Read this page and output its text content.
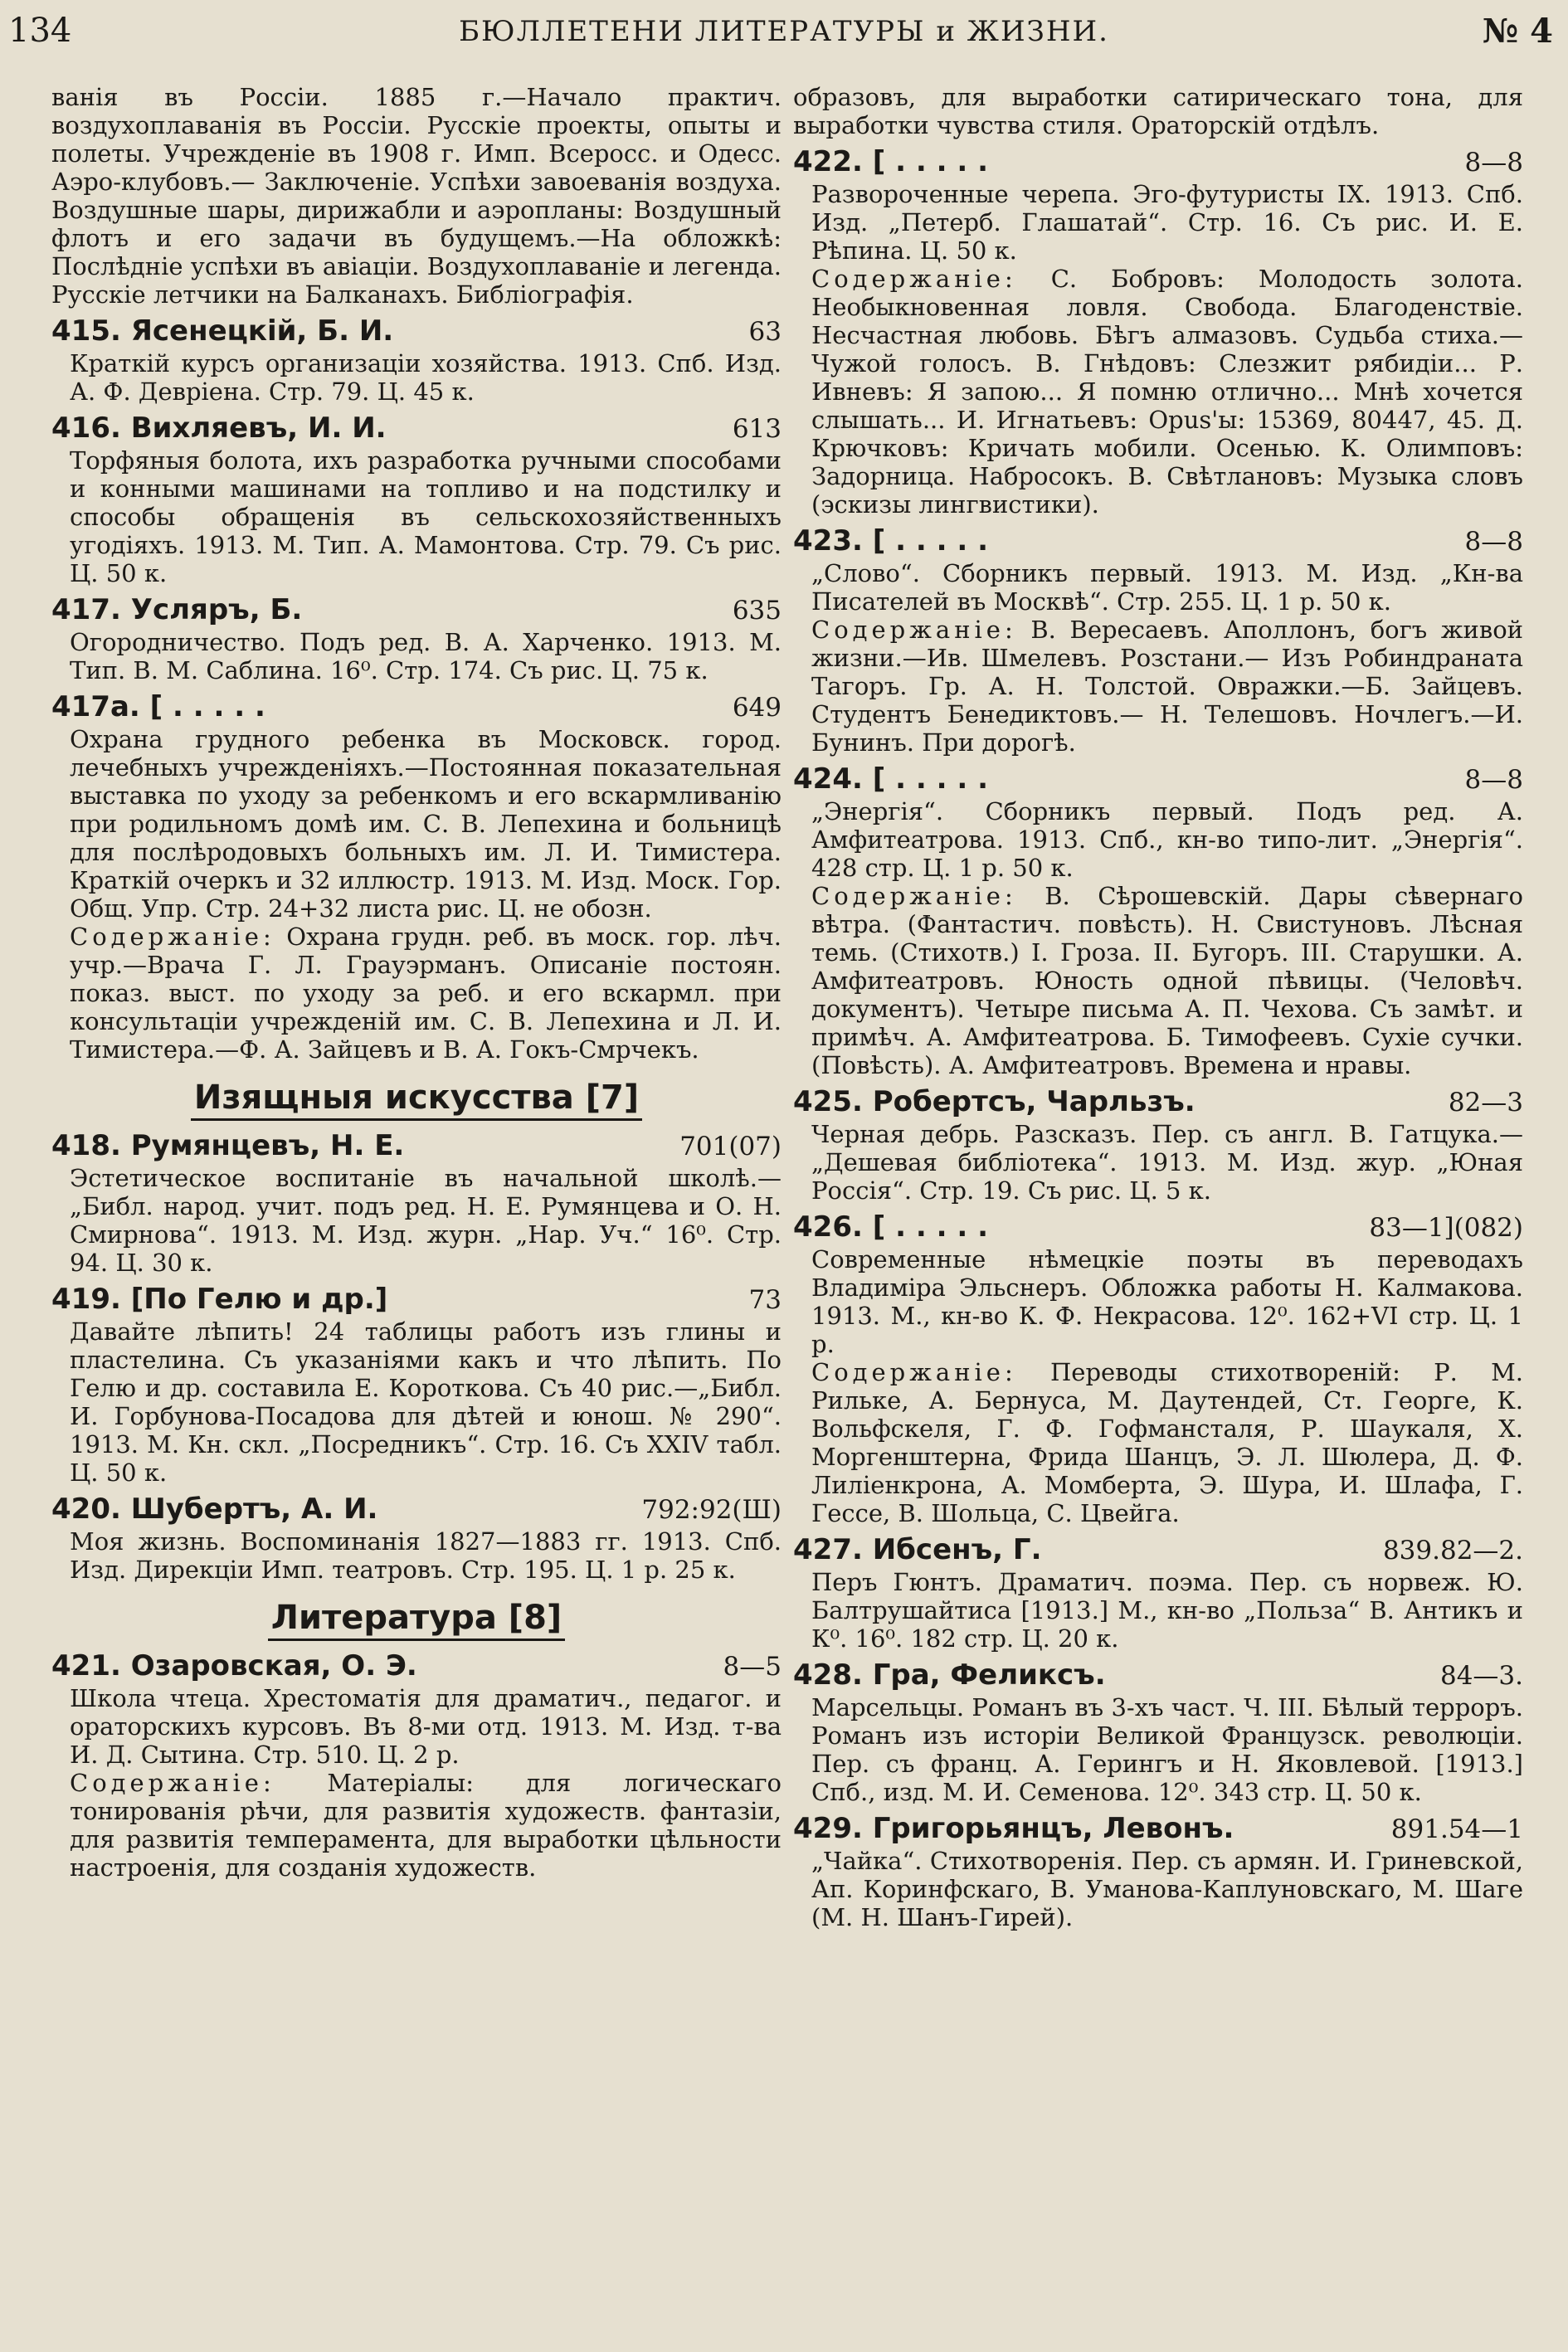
134	БЮЛЛЕТЕНИ ЛИТЕРАТУРЫ и ЖИЗНИ.	№ 4

ванія въ Россіи. 1885 г.—Начало практич. воздухоплаванія въ Россіи. Русскіе проекты, опыты и полеты. Учрежденіе въ 1908 г. Имп. Всеросс. и Одесс. Аэро-клубовъ.— Заключеніе. Успѣхи завоеванія воздуха. Воздушные шары, дирижабли и аэропланы: Воздушный флотъ и его задачи въ будущемъ.—На обложкѣ: Послѣдніе успѣхи въ авіаціи. Воздухоплаваніе и легенда. Русскіе летчики на Балканахъ. Библіографія.

415. Ясенецкій, Б. И.	63

Краткій курсъ организаціи хозяйства. 1913. Спб. Изд. А. Ф. Девріена. Стр. 79. Ц. 45 к.

416. Вихляевъ, И. И.	613

Торфяныя болота, ихъ разработка ручными способами и конными машинами на топливо и на подстилку и способы обращенія въ сельскохозяйственныхъ угодіяхъ. 1913. М. Тип. А. Мамонтова. Стр. 79. Съ рис. Ц. 50 к.

417. Усляръ, Б.	635

Огородничество. Подъ ред. В. А. Харченко. 1913. М. Тип. В. М. Саблина. 16⁰. Стр. 174. Съ рис. Ц. 75 к.

417а. [ . . . . .	649

Охрана грудного ребенка въ Московск. город. лечебныхъ учрежденіяхъ.—Постоянная показательная выставка по уходу за ребенкомъ и его вскармливанію при родильномъ домѣ им. С. В. Лепехина и больницѣ для послѣродовыхъ больныхъ им. Л. И. Тимистера. Краткій очеркъ и 32 иллюстр. 1913. М. Изд. Моск. Гор. Общ. Упр. Стр. 24+32 листа рис. Ц. не обозн.

Содержаніе: Охрана грудн. реб. въ моск. гор. лѣч. учр.—Врача Г. Л. Грауэрманъ. Описаніе постоян. показ. выст. по уходу за реб. и его вскармл. при консультаціи учрежденій им. С. В. Лепехина и Л. И. Тимистера.—Ф. А. Зайцевъ и В. А. Гокъ-Смрчекъ.

Изящныя искусства [7]
418. Румянцевъ, Н. Е.	701(07)

Эстетическое воспитаніе въ начальной школѣ.— „Библ. народ. учит. подъ ред. Н. Е. Румянцева и О. Н. Смирнова“. 1913. М. Изд. журн. „Нар. Уч.“ 16⁰. Стр. 94. Ц. 30 к.

419. [По Гелю и др.]	73

Давайте лѣпить! 24 таблицы работъ изъ глины и пластелина. Съ указаніями какъ и что лѣпить. По Гелю и др. составила Е. Короткова. Съ 40 рис.—„Библ. И. Горбунова-Посадова для дѣтей и юнош. № 290“. 1913. М. Кн. скл. „Посредникъ“. Стр. 16. Съ XXIV табл. Ц. 50 к.

420. Шубертъ, А. И.	792:92(Ш)

Моя жизнь. Воспоминанія 1827—1883 гг. 1913. Спб. Изд. Дирекціи Имп. театровъ. Стр. 195. Ц. 1 р. 25 к.

Литература [8]
421. Озаровская, О. Э.	8—5

Школа чтеца. Хрестоматія для драматич., педагог. и ораторскихъ курсовъ. Въ 8-ми отд. 1913. М. Изд. т-ва И. Д. Сытина. Стр. 510. Ц. 2 р.

Содержаніе: Матеріалы: для логическаго тонированія рѣчи, для развитія художеств. фантазіи, для развитія темперамента, для выработки цѣльности настроенія, для созданія художеств.

образовъ, для выработки сатирическаго тона, для выработки чувства стиля. Ораторскій отдѣлъ.

422. [ . . . . .	8—8

Развороченные черепа. Эго-футуристы IX. 1913. Спб. Изд. „Петерб. Глашатай“. Стр. 16. Съ рис. И. Е. Рѣпина. Ц. 50 к.

Содержаніе: С. Бобровъ: Молодость золота. Необыкновенная ловля. Свобода. Благоденствіе. Несчастная любовь. Бѣгъ алмазовъ. Судьба стиха.—Чужой голосъ. В. Гнѣдовъ: Слезжит рябидіи... Р. Ивневъ: Я запою... Я помню отлично... Мнѣ хочется слышать... И. Игнатьевъ: Opus'ы: 15369, 80447, 45. Д. Крючковъ: Кричать мобили. Осенью. К. Олимповъ: Задорница. Набросокъ. В. Свѣтлановъ: Музыка словъ (эскизы лингвистики).

423. [ . . . . .	8—8

„Слово“. Сборникъ первый. 1913. М. Изд. „Кн-ва Писателей въ Москвѣ“. Стр. 255. Ц. 1 р. 50 к.

Содержаніе: В. Вересаевъ. Аполлонъ, богъ живой жизни.—Ив. Шмелевъ. Розстани.— Изъ Робиндраната Тагоръ. Гр. А. Н. Толстой. Овражки.—Б. Зайцевъ. Студентъ Бенедиктовъ.— Н. Телешовъ. Ночлегъ.—И. Бунинъ. При дорогѣ.

424. [ . . . . .	8—8

„Энергія“. Сборникъ первый. Подъ ред. А. Амфитеатрова. 1913. Спб., кн-во типо-лит. „Энергія“. 428 стр. Ц. 1 р. 50 к.

Содержаніе: В. Сѣрошевскій. Дары сѣвернаго вѣтра. (Фантастич. повѣсть). Н. Свистуновъ. Лѣсная темь. (Стихотв.) I. Гроза. II. Бугоръ. III. Старушки. А. Амфитеатровъ. Юность одной пѣвицы. (Человѣч. документъ). Четыре письма А. П. Чехова. Съ замѣт. и примѣч. А. Амфитеатрова. Б. Тимофеевъ. Сухіе сучки. (Повѣсть). А. Амфитеатровъ. Времена и нравы.

425. Робертсъ, Чарльзъ.	82—3

Черная дебрь. Разсказъ. Пер. съ англ. В. Гатцука.—„Дешевая библіотека“. 1913. М. Изд. жур. „Юная Россія“. Стр. 19. Съ рис. Ц. 5 к.

426. [ . . . . .	83—1](082)

Современные нѣмецкіе поэты въ переводахъ Владиміра Эльснеръ. Обложка работы Н. Калмакова. 1913. М., кн-во К. Ф. Некрасова. 12⁰. 162+VI стр. Ц. 1 р.

Содержаніе: Переводы стихотвореній: Р. М. Рильке, А. Бернуса, М. Даутендей, Ст. Георге, К. Вольфскеля, Г. Ф. Гофмансталя, Р. Шаукаля, Х. Моргенштерна, Фрида Шанцъ, Э. Л. Шюлера, Д. Ф. Лиліенкрона, А. Момберта, Э. Шура, И. Шлафа, Г. Гессе, В. Шольца, С. Цвейга.

427. Ибсенъ, Г.	839.82—2.

Перъ Гюнтъ. Драматич. поэма. Пер. съ норвеж. Ю. Балтрушайтиса [1913.] М., кн-во „Польза“ В. Антикъ и К⁰. 16⁰. 182 стр. Ц. 20 к.

428. Гра, Феликсъ.	84—3.

Марсельцы. Романъ въ 3-хъ част. Ч. III. Бѣлый терроръ. Романъ изъ исторіи Великой Французск. революціи. Пер. съ франц. А. Герингъ и Н. Яковлевой. [1913.] Спб., изд. М. И. Семенова. 12⁰. 343 стр. Ц. 50 к.

429. Григорьянцъ, Левонъ.	891.54—1

„Чайка“. Стихотворенія. Пер. съ армян. И. Гриневской, Ап. Коринфскаго, В. Уманова-Каплуновскаго, М. Шаге (М. Н. Шанъ-Гирей).
